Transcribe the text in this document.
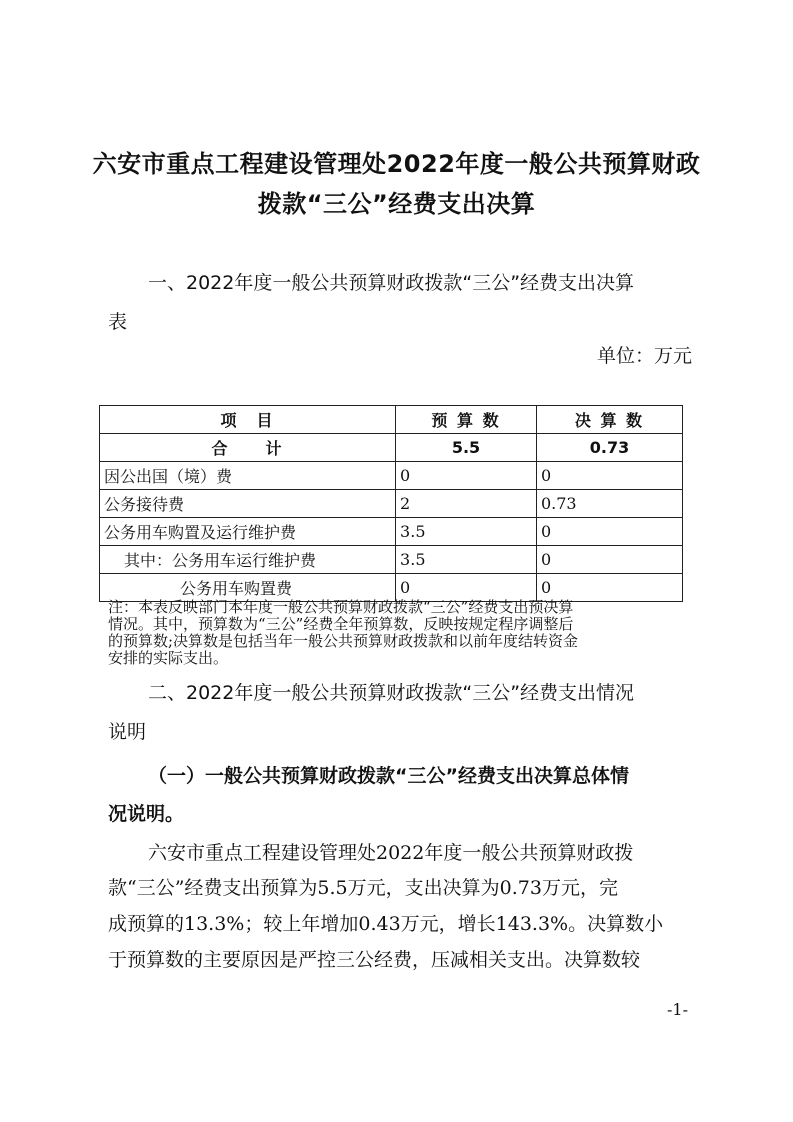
六安市重点工程建设管理处2022年度一般公共预算财政
拨款“三公”经费支出决算
一、2022年度一般公共预算财政拨款“三公”经费支出决算
表
单位：万元
项　目	预 算 数	决 算 数
合　　计	5.5	0.73
因公出国（境）费	0	0
公务接待费	2	0.73
公务用车购置及运行维护费	3.5	0
其中：公务用车运行维护费	3.5	0
公务用车购置费	0	0
注：本表反映部门本年度一般公共预算财政拨款“三公”经费支出预决算
情况。其中，预算数为“三公”经费全年预算数，反映按规定程序调整后
的预算数;决算数是包括当年一般公共预算财政拨款和以前年度结转资金
安排的实际支出。
二、2022年度一般公共预算财政拨款“三公”经费支出情况
说明
（一）一般公共预算财政拨款“三公”经费支出决算总体情
况说明。
六安市重点工程建设管理处2022年度一般公共预算财政拨
款“三公”经费支出预算为5.5万元，支出决算为0.73万元，完
成预算的13.3%；较上年增加0.43万元，增长143.3%。决算数小
于预算数的主要原因是严控三公经费，压减相关支出。决算数较
-1-
